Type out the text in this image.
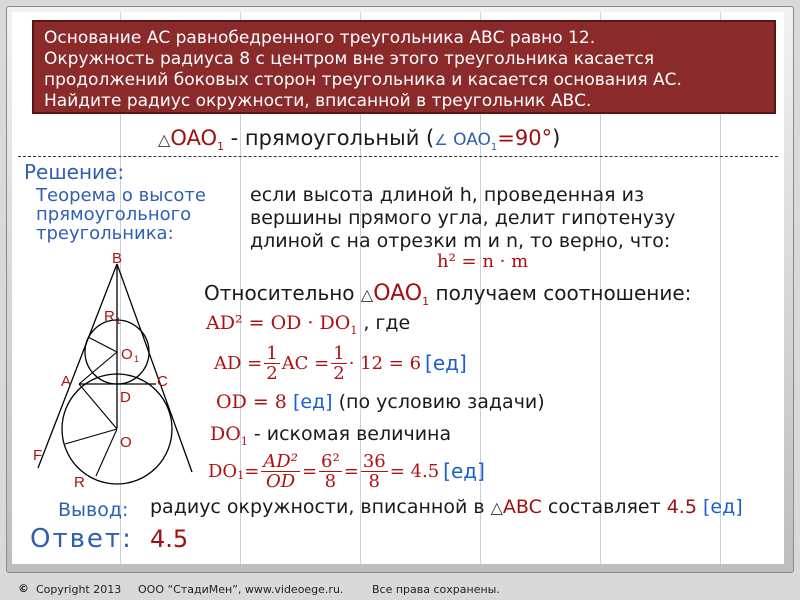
Основание АС равнобедренного треугольника АВС равно 12.

Окружность радиуса 8 с центром вне этого треугольника касается

продолжений боковых сторон треугольника и касается основания АС.

Найдите радиус окружности, вписанной в треугольник АВС.

$\triangle OAO_1$ - прямоугольный (∠ $OAO_1=90^\circ$)
Решение:
Теорема о высоте
прямоугольного
треугольника:
если высота длиной h, проведенная из
вершины прямого угла, делит гипотенузу
длиной с на отрезки m и n, то верно, что:
h² = n · m
Относительно $\triangle OAO_1$ получаем соотношение:
AD² = OD · $DO_1$ , где
AD = $\frac{1}{2}$ AC = $\frac{1}{2} \cdot 12 = 6$ [ед]
OD = 8 [ед] (по условию задачи)
$DO_1$ - искомая величина
$DO_1 = \frac{\text{AD²}}{OD} = \frac{\text{6²}}{8} = \frac{36}{8} = 4.5$ [ед]
Вывод: радиус окружности, вписанной в △ABC составляет 4.5 [ед]
Ответ: 4.5
B
R 1
O 1
A	C
D
O
F
R
© Copyright 2013 ООО “СтадиМен”, www.videoege.ru.	Все права сохранены.
